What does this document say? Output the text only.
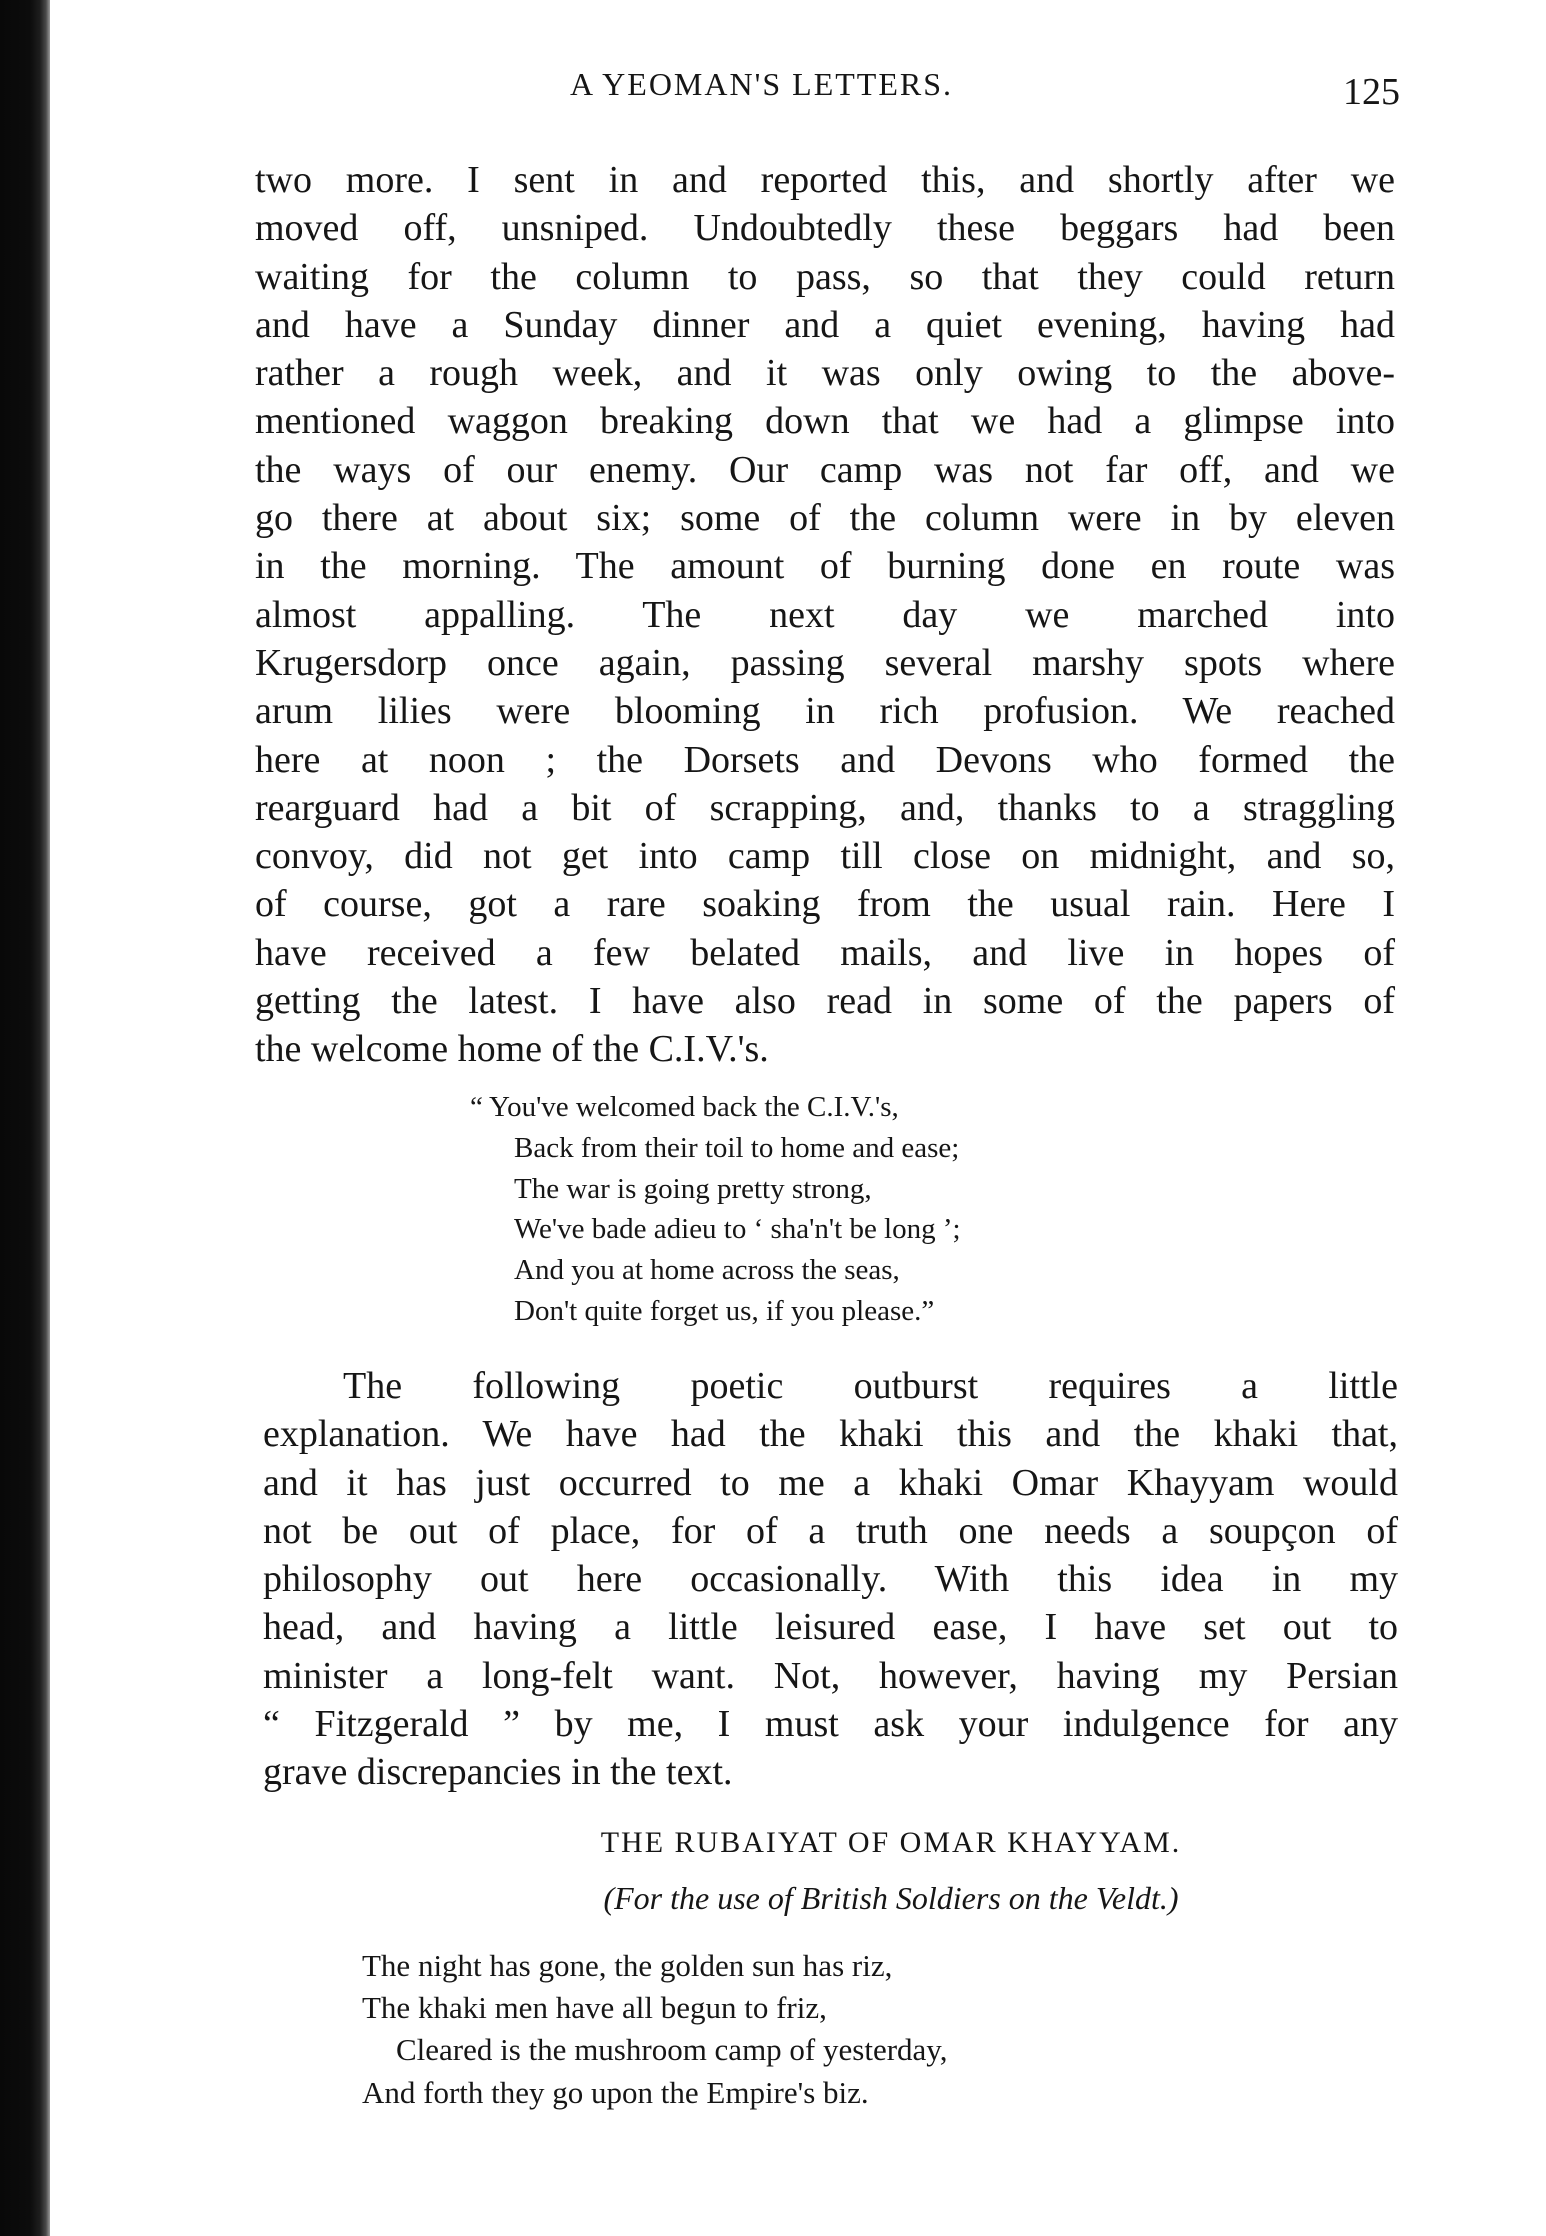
A YEOMAN'S LETTERS.	125
two more. I sent in and reported this, and shortly after we
moved off, unsniped. Undoubtedly these beggars had been
waiting for the column to pass, so that they could return
and have a Sunday dinner and a quiet evening, having had
rather a rough week, and it was only owing to the above-
mentioned waggon breaking down that we had a glimpse into
the ways of our enemy. Our camp was not far off, and we
go there at about six; some of the column were in by eleven
in the morning. The amount of burning done en route was
almost appalling. The next day we marched into
Krugersdorp once again, passing several marshy spots where
arum lilies were blooming in rich profusion. We reached
here at noon ; the Dorsets and Devons who formed the
rearguard had a bit of scrapping, and, thanks to a straggling
convoy, did not get into camp till close on midnight, and so,
of course, got a rare soaking from the usual rain. Here I
have received a few belated mails, and live in hopes of
getting the latest. I have also read in some of the papers of
the welcome home of the C.I.V.'s.
“ You've welcomed back the C.I.V.'s,
Back from their toil to home and ease;
The war is going pretty strong,
We've bade adieu to ‘ sha'n't be long ’;
And you at home across the seas,
Don't quite forget us, if you please.”
The following poetic outburst requires a little
explanation. We have had the khaki this and the khaki that,
and it has just occurred to me a khaki Omar Khayyam would
not be out of place, for of a truth one needs a soupçon of
philosophy out here occasionally. With this idea in my
head, and having a little leisured ease, I have set out to
minister a long-felt want. Not, however, having my Persian
“ Fitzgerald ” by me, I must ask your indulgence for any
grave discrepancies in the text.
THE RUBAIYAT OF OMAR KHAYYAM.
(For the use of British Soldiers on the Veldt.)
The night has gone, the golden sun has riz,
The khaki men have all begun to friz,
Cleared is the mushroom camp of yesterday,
And forth they go upon the Empire's biz.
